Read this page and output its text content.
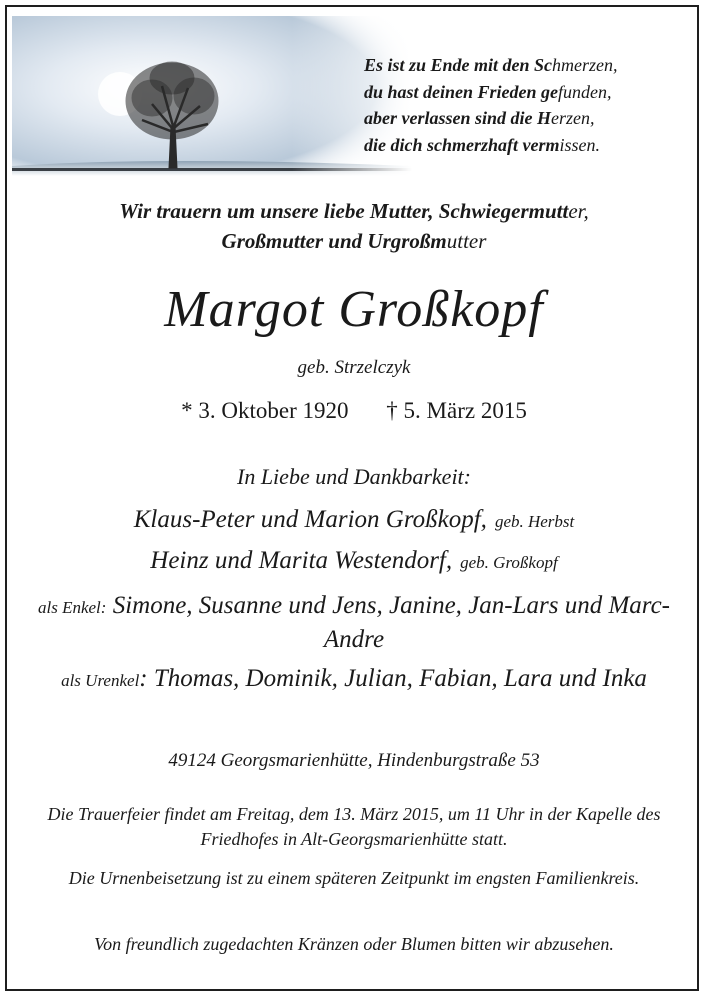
Es ist zu Ende mit den Schmerzen,
du hast deinen Frieden gefunden,
aber verlassen sind die Herzen,
die dich schmerzhaft vermissen.
Wir trauern um unsere liebe Mutter, Schwiegermutter,
Großmutter und Urgroßmutter
Margot Großkopf
geb. Strzelczyk
* 3. Oktober 1920 † 5. März 2015
In Liebe und Dankbarkeit:
Klaus-Peter und Marion Großkopf, geb. Herbst
Heinz und Marita Westendorf, geb. Großkopf
als Enkel: Simone, Susanne und Jens, Janine, Jan-Lars und Marc-Andre
als Urenkel: Thomas, Dominik, Julian, Fabian, Lara und Inka
49124 Georgsmarienhütte, Hindenburgstraße 53
Die Trauerfeier findet am Freitag, dem 13. März 2015, um 11 Uhr in der Kapelle des Friedhofes in Alt-Georgsmarienhütte statt.
Die Urnenbeisetzung ist zu einem späteren Zeitpunkt im engsten Familienkreis.
Von freundlich zugedachten Kränzen oder Blumen bitten wir abzusehen.
